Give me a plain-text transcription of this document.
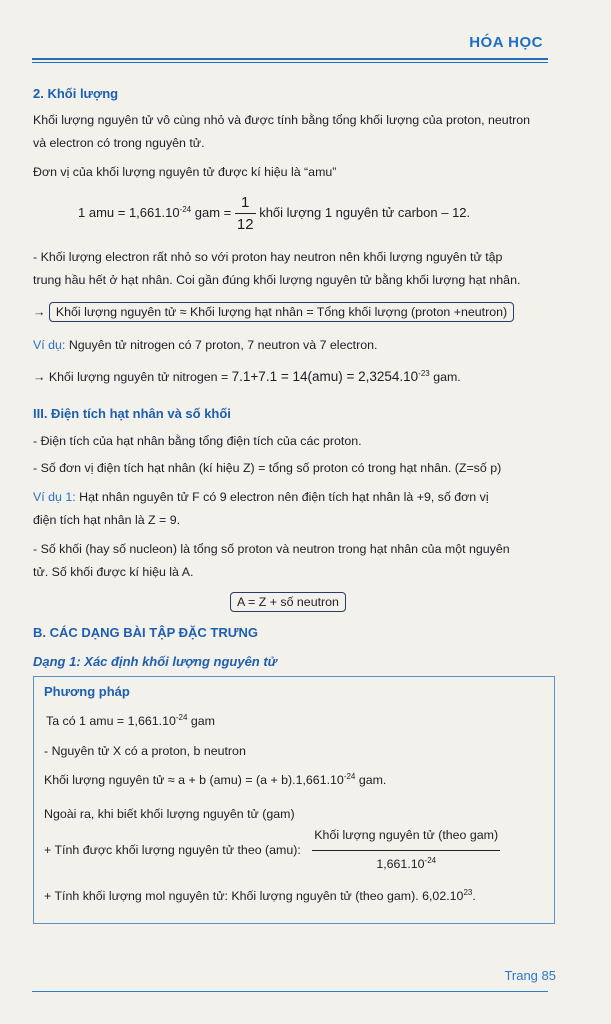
HÓA HỌC
2. Khối lượng
Khối lượng nguyên tử vô cùng nhỏ và được tính bằng tổng khối lượng của proton, neutron
và electron có trong nguyên tử.
Đơn vị của khối lượng nguyên tử được kí hiệu là “amu”
1 amu = $1,661.10^{-24}$ gam = $\frac{1}{12}$ khối lượng 1 nguyên tử carbon – 12.
- Khối lượng electron rất nhỏ so với proton hay neutron nên khối lượng nguyên tử tập
trung hầu hết ở hạt nhân. Coi gần đúng khối lượng nguyên tử bằng khối lượng hạt nhân.
→ Khối lượng nguyên tử ≈ Khối lượng hạt nhân = Tổng khối lượng (proton +neutron)
Ví dụ: Nguyên tử nitrogen có 7 proton, 7 neutron và 7 electron.
→ Khối lượng nguyên tử nitrogen = $7.1+7.1 = 14(amu) = 2,3254.10^{-23}$ gam.
III. Điện tích hạt nhân và số khối
- Điện tích của hạt nhân bằng tổng điện tích của các proton.
- Số đơn vị điện tích hạt nhân (kí hiệu Z) = tổng số proton có trong hạt nhân. (Z=số p)
Ví dụ 1: Hạt nhân nguyên tử F có 9 electron nên điện tích hạt nhân là +9, số đơn vị
điện tích hạt nhân là Z = 9.
- Số khối (hay số nucleon) là tổng số proton và neutron trong hạt nhân của một nguyên
tử. Số khối được kí hiệu là A.
A = Z + số neutron
B. CÁC DẠNG BÀI TẬP ĐẶC TRƯNG
Dạng 1: Xác định khối lượng nguyên tử
Phương pháp
Ta có 1 amu = $1,661.10^{-24}$ gam
- Nguyên tử X có a proton, b neutron
Khối lượng nguyên tử ≈ a + b $(amu) = (a + b).1,661.10^{-24}$ gam.
Ngoài ra, khi biết khối lượng nguyên tử (gam)
+ Tính được khối lượng nguyên tử theo (amu): $\frac{\text{Khối lượng nguyên tử (theo gam)}}{1,661.10^{-24}}$
+ Tính khối lượng mol nguyên tử: Khối lượng nguyên tử (theo gam). 6,02.10$^{23}$.
Trang 85
